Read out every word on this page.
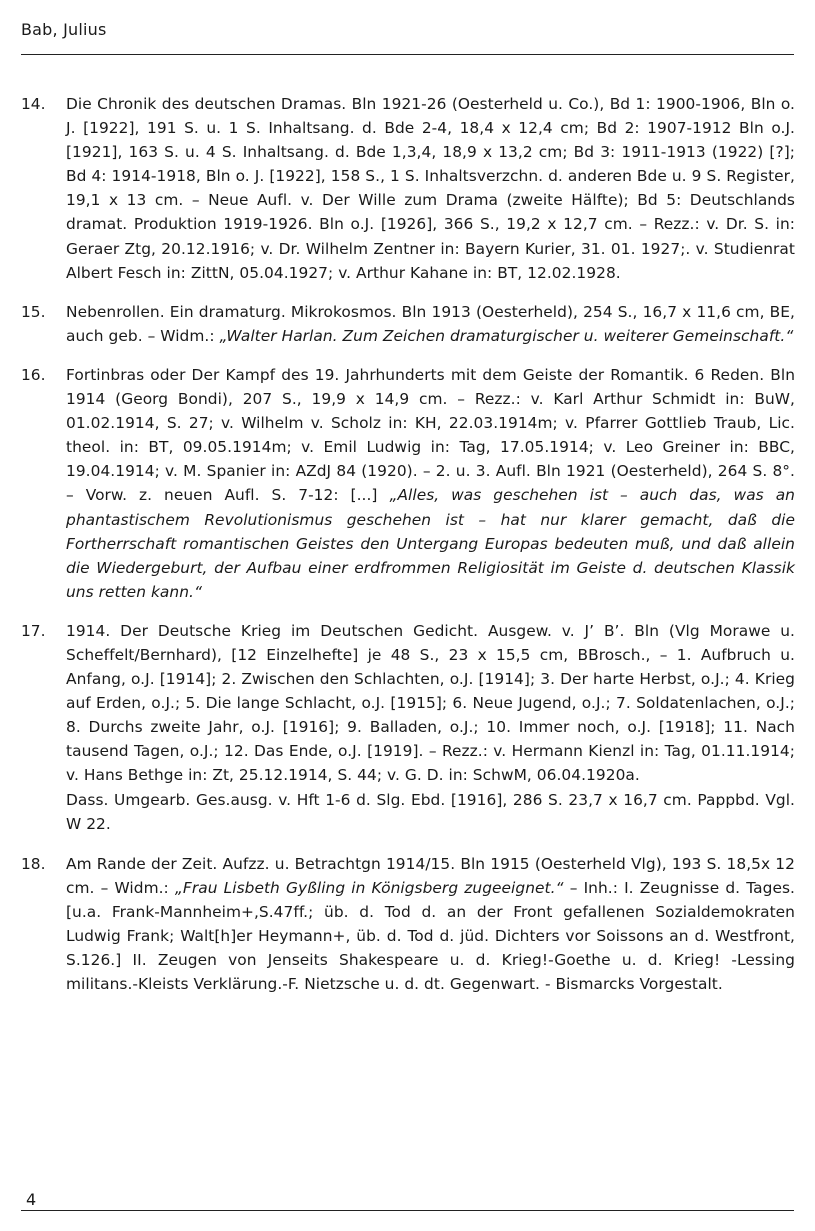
Bab, Julius
14.	Die Chronik des deutschen Dramas. Bln 1921-26 (Oesterheld u. Co.), Bd 1: 1900-1906, Bln o. J. [1922], 191 S. u. 1 S. Inhaltsang. d. Bde 2-4, 18,4 x 12,4 cm; Bd 2: 1907-1912 Bln o.J. [1921], 163 S. u. 4 S. Inhaltsang. d. Bde 1,3,4, 18,9 x 13,2 cm; Bd 3: 1911-1913 (1922) [?]; Bd 4: 1914-1918, Bln o. J. [1922], 158 S., 1 S. Inhaltsverzchn. d. anderen Bde u. 9 S. Register, 19,1 x 13 cm. – Neue Aufl. v. Der Wille zum Drama (zweite Hälfte); Bd 5: Deutschlands dramat. Produktion 1919-1926. Bln o.J. [1926], 366 S., 19,2 x 12,7 cm. – Rezz.: v. Dr. S. in: Geraer Ztg, 20.12.1916; v. Dr. Wilhelm Zentner in: Bayern Kurier, 31. 01. 1927;. v. Studienrat Albert Fesch in: ZittN, 05.04.1927; v. Arthur Kahane in: BT, 12.02.1928.
15.	Nebenrollen. Ein dramaturg. Mikrokosmos. Bln 1913 (Oesterheld), 254 S., 16,7 x 11,6 cm, BE, auch geb. – Widm.: „Walter Harlan. Zum Zeichen dramaturgischer u. weiterer Gemeinschaft.“
16.	Fortinbras oder Der Kampf des 19. Jahrhunderts mit dem Geiste der Romantik. 6 Reden. Bln 1914 (Georg Bondi), 207 S., 19,9 x 14,9 cm. – Rezz.: v. Karl Arthur Schmidt in: BuW, 01.02.1914, S. 27; v. Wilhelm v. Scholz in: KH, 22.03.1914m; v. Pfarrer Gottlieb Traub, Lic. theol. in: BT, 09.05.1914m; v. Emil Ludwig in: Tag, 17.05.1914; v. Leo Greiner in: BBC, 19.04.1914; v. M. Spanier in: AZdJ 84 (1920). – 2. u. 3. Aufl. Bln 1921 (Oesterheld), 264 S. 8°. – Vorw. z. neuen Aufl. S. 7-12: [...] „Alles, was geschehen ist – auch das, was an phantastischem Revolutionismus geschehen ist – hat nur klarer gemacht, daß die Fortherrschaft romantischen Geistes den Untergang Europas bedeuten muß, und daß allein die Wiedergeburt, der Aufbau einer erdfrommen Religiosität im Geiste d. deutschen Klassik uns retten kann.“
17.	1914. Der Deutsche Krieg im Deutschen Gedicht. Ausgew. v. J’ B’. Bln (Vlg Morawe u. Scheffelt/Bernhard), [12 Einzelhefte] je 48 S., 23 x 15,5 cm, BBrosch., – 1. Aufbruch u. Anfang, o.J. [1914]; 2. Zwischen den Schlachten, o.J. [1914]; 3. Der harte Herbst, o.J.; 4. Krieg auf Erden, o.J.; 5. Die lange Schlacht, o.J. [1915]; 6. Neue Jugend, o.J.; 7. Soldatenlachen, o.J.; 8. Durchs zweite Jahr, o.J. [1916]; 9. Balladen, o.J.; 10. Immer noch, o.J. [1918]; 11. Nach tausend Tagen, o.J.; 12. Das Ende, o.J. [1919]. – Rezz.: v. Hermann Kienzl in: Tag, 01.11.1914; v. Hans Bethge in: Zt, 25.12.1914, S. 44; v. G. D. in: SchwM, 06.04.1920a.
Dass. Umgearb. Ges.ausg. v. Hft 1-6 d. Slg. Ebd. [1916], 286 S. 23,7 x 16,7 cm. Pappbd. Vgl. W 22.
18.	Am Rande der Zeit. Aufzz. u. Betrachtgn 1914/15. Bln 1915 (Oesterheld Vlg), 193 S. 18,5x 12 cm. – Widm.: „Frau Lisbeth Gyßling in Königsberg zugeeignet.“ – Inh.: I. Zeugnisse d. Tages.[u.a. Frank-Mannheim+,S.47ff.; üb. d. Tod d. an der Front gefallenen Sozialdemokraten Ludwig Frank; Walt[h]er Heymann+, üb. d. Tod d. jüd. Dichters vor Soissons an d. Westfront, S.126.] II. Zeugen von Jenseits Shakespeare u. d. Krieg!-Goethe u. d. Krieg! -Lessing militans.-Kleists Verklärung.-F. Nietzsche u. d. dt. Gegenwart. - Bismarcks Vorgestalt.
4
